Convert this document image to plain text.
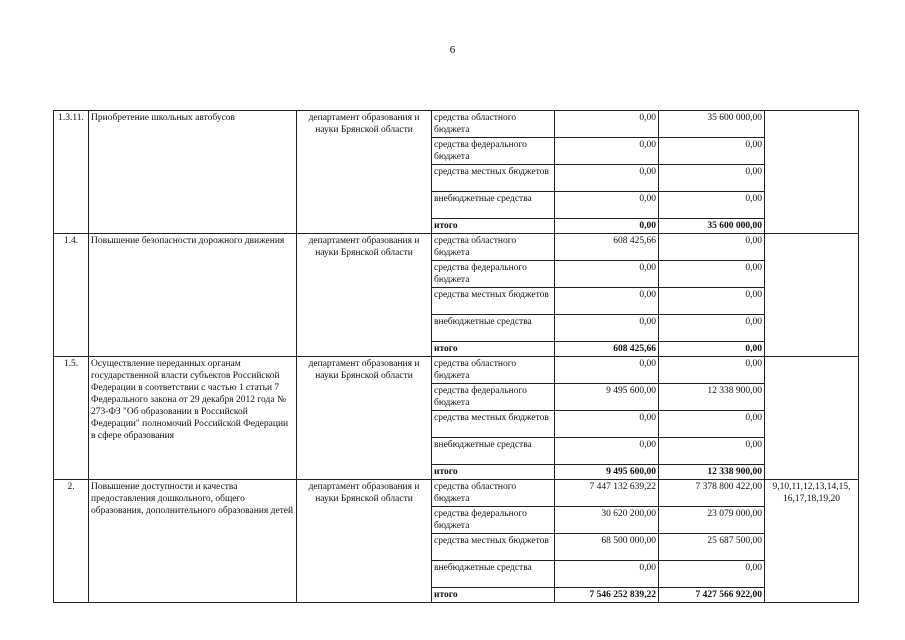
6
1.3.11.	Приобретение школьных автобусов	департамент образования и науки Брянской области	средства областного бюджета	0,00	35 600 000,00	
			средства федерального бюджета	0,00	0,00	
			средства местных бюджетов	0,00	0,00	
			внебюджетные средства	0,00	0,00	
			итого	0,00	35 600 000,00	
1.4.	Повышение безопасности дорожного движения	департамент образования и науки Брянской области	средства областного бюджета	608 425,66	0,00	
			средства федерального бюджета	0,00	0,00	
			средства местных бюджетов	0,00	0,00	
			внебюджетные средства	0,00	0,00	
			итого	608 425,66	0,00	
1.5.	Осуществление переданных органам государственной власти субъектов Российской Федерации в соответствии с частью 1 статьи 7 Федерального закона от 29 декабря 2012 года № 273-ФЗ "Об образовании в Российской Федерации" полномочий Российской Федерации в сфере образования	департамент образования и науки Брянской области	средства областного бюджета	0,00	0,00	
			средства федерального бюджета	9 495 600,00	12 338 900,00	
			средства местных бюджетов	0,00	0,00	
			внебюджетные средства	0,00	0,00	
			итого	9 495 600,00	12 338 900,00	
2.	Повышение доступности и качества предоставления дошкольного, общего образования, дополнительного образования детей	департамент образования и науки Брянской области	средства областного бюджета	7 447 132 639,22	7 378 800 422,00	9,10,11,12,13,14,15, 16,17,18,19,20
			средства федерального бюджета	30 620 200,00	23 079 000,00	
			средства местных бюджетов	68 500 000,00	25 687 500,00	
			внебюджетные средства	0,00	0,00	
			итого	7 546 252 839,22	7 427 566 922,00	
